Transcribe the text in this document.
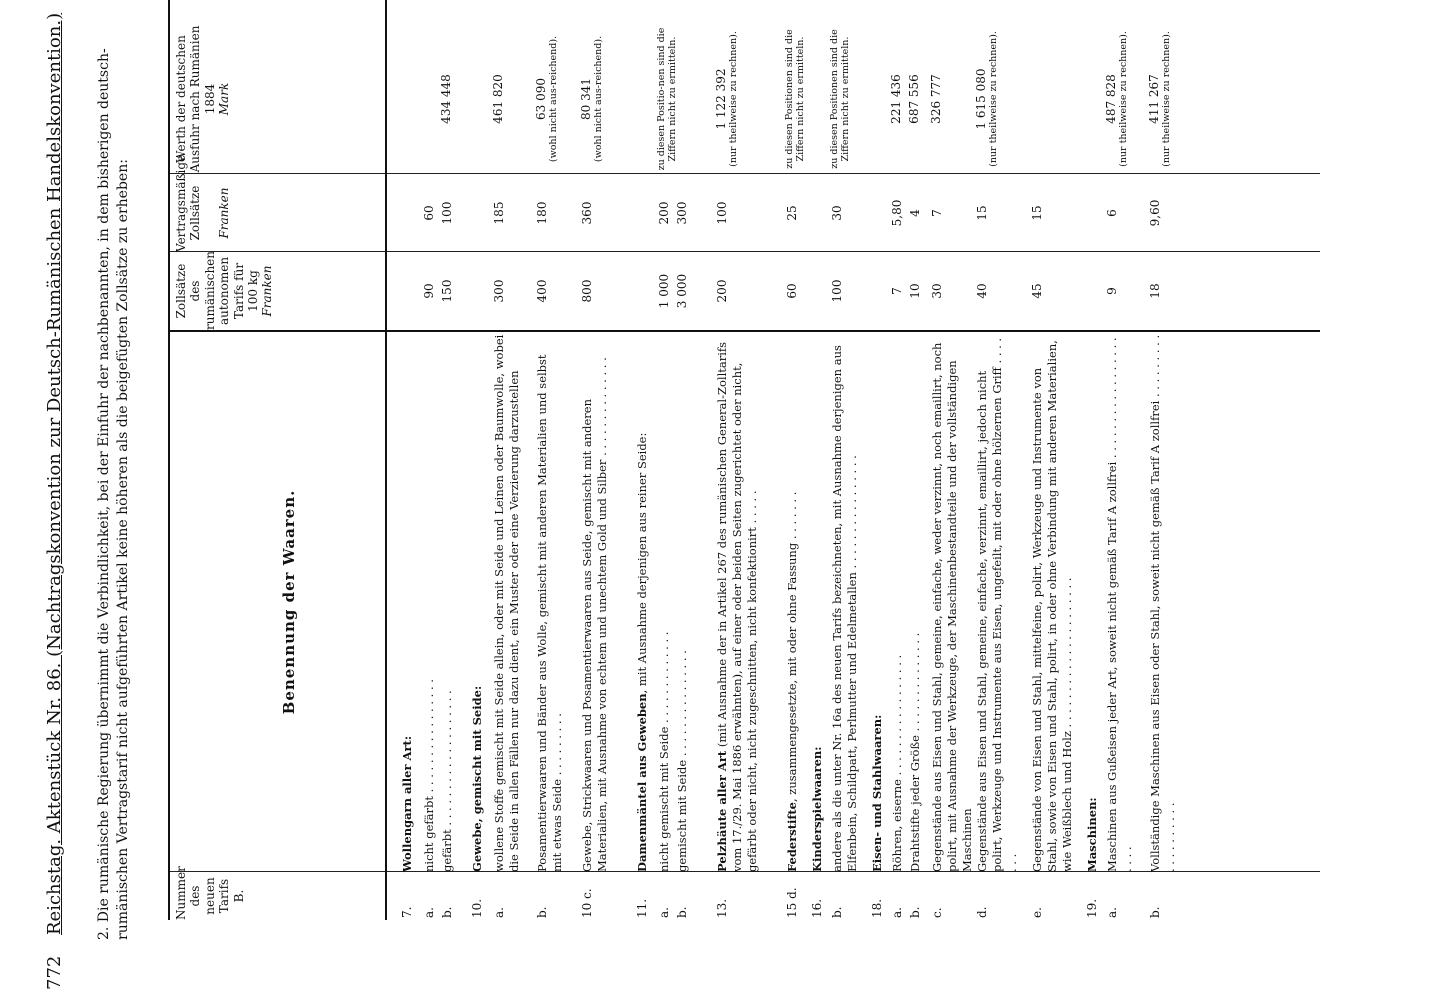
772
Reichstag. Aktenstück Nr. 86. (Nachtragskonvention zur Deutsch-Rumänischen Handelskonvention.) 2. Die rumänische Regierung übernimmt die Verbindlichkeit, bei der Einfuhr der nachbenannten, in dem bisherigen deutsch-rumänischen Vertragstarif nicht aufgeführten Artikel keine höheren als die beigefügten Zollsätze zu erheben:	Nummer des neuen Tarifs B.
Benennung der Waaren.
Zollsätze des rumänischen autonomen Tarifs für
100 kg
Franken
Vertragsmäßige Zollsätze Franken
Werth der deutschen Ausfuhr nach Rumänien 1884
Mark
7.
Wollengarn aller Art:
a.
nicht gefärbt . . . . . . . . . . . . . . . .
90
60
b.
gefärbt . . . . . . . . . . . . . . . . . . .
150
100
434 448
10.
Gewebe, gemischt mit Seide:
a.
wollene Stoffe gemischt mit Seide allein, oder mit Seide und Leinen oder Baumwolle, wobei die Seide in allen Fällen nur dazu dient, ein Muster oder eine Verzierung darzustellen
300
185
461 820
b.
Posamentierwaaren und Bänder aus Wolle, gemischt mit anderen Materialien und selbst mit etwas Seide . . . . . . . . .
400
180
63 090 (wohl nicht aus-reichend).
10 c.
Gewebe, Strickwaaren und Posamentierwaaren aus Seide, gemischt mit anderen Materialien, mit Ausnahme von echtem und unechtem Gold und Silber . . . . . . . . . . . . . .
800
360
80 341 (wohl nicht aus-reichend).
11.
Damenmäntel aus Geweben, mit Ausnahme derjenigen aus reiner Seide:
a.
nicht gemischt mit Seide . . . . . . . . . . . . .
1 000
200
zu diesen Positio-nen sind die Ziffern nicht zu ermitteln.
b.
gemischt mit Seide . . . . . . . . . . . . . . .
3 000
300
13.
Pelzhäute aller Art (mit Ausnahme der in Artikel 267 des rumänischen General-Zolltarifs vom 17./29. Mai 1886 erwähnten), auf einer oder beiden Seiten zugerichtet oder nicht, gefärbt oder nicht, nicht zugeschnitten, nicht konfektionirt . . . . .
200
100
1 122 392 (nur theilweise zu rechnen).
15 d.
Federstifte, zusammengesetzte, mit oder ohne Fassung . . . . . . .
60
25
zu diesen Positionen sind die Ziffern nicht zu ermitteln.
16.
Kinderspielwaaren:
b.
andere als die unter Nr. 16a des neuen Tarifs bezeichneten, mit Ausnahme derjenigen aus Elfenbein, Schildpatt, Perlmutter und Edelmetallen . . . . . . . . . . . . . . . .
100
30
zu diesen Positionen sind die Ziffern nicht zu ermitteln.
18.
Eisen- und Stahlwaaren:
a.
Röhren, eiserne . . . . . . . . . . . . . . . . .
7
5,80
221 436
b.
Drahtstifte jeder Größe . . . . . . . . . . . . . .
10
4
687 556
c.
Gegenstände aus Eisen und Stahl, gemeine, einfache, weder verzinnt, noch emaillirt, noch polirt, mit Ausnahme der Werkzeuge, der Maschinenbestandteile und der vollständigen Maschinen
30
7
326 777
d.
Gegenstände aus Eisen und Stahl, gemeine, einfache, verzinnt, emaillirt, jedoch nicht polirt, Werkzeuge und Instrumente aus Eisen, ungefeilt, mit oder ohne hölzernen Griff . . . . . . .
40
15
1 615 080 (nur theilweise zu rechnen).
e.
Gegenstände von Eisen und Stahl, mittelfeine, polirt, Werkzeuge und Instrumente von Stahl, sowie von Eisen und Stahl, polirt, in oder ohne Verbindung mit anderen Materialien, wie Weißblech und Holz . . . . . . . . . . . . . . . . . . . . .
45
15
19.
Maschinen:
a.
Maschinen aus Gußeisen jeder Art, soweit nicht gemäß Tarif A zollfrei . . . . . . . . . . . . . . . . . . . . .
9
6
487 828 (nur theilweise zu rechnen).
b.
Vollständige Maschinen aus Eisen oder Stahl, soweit nicht gemäß Tarif A zollfrei . . . . . . . . . . . . . . . . . . .
18
9,60
411 267 (nur theilweise zu rechnen).
